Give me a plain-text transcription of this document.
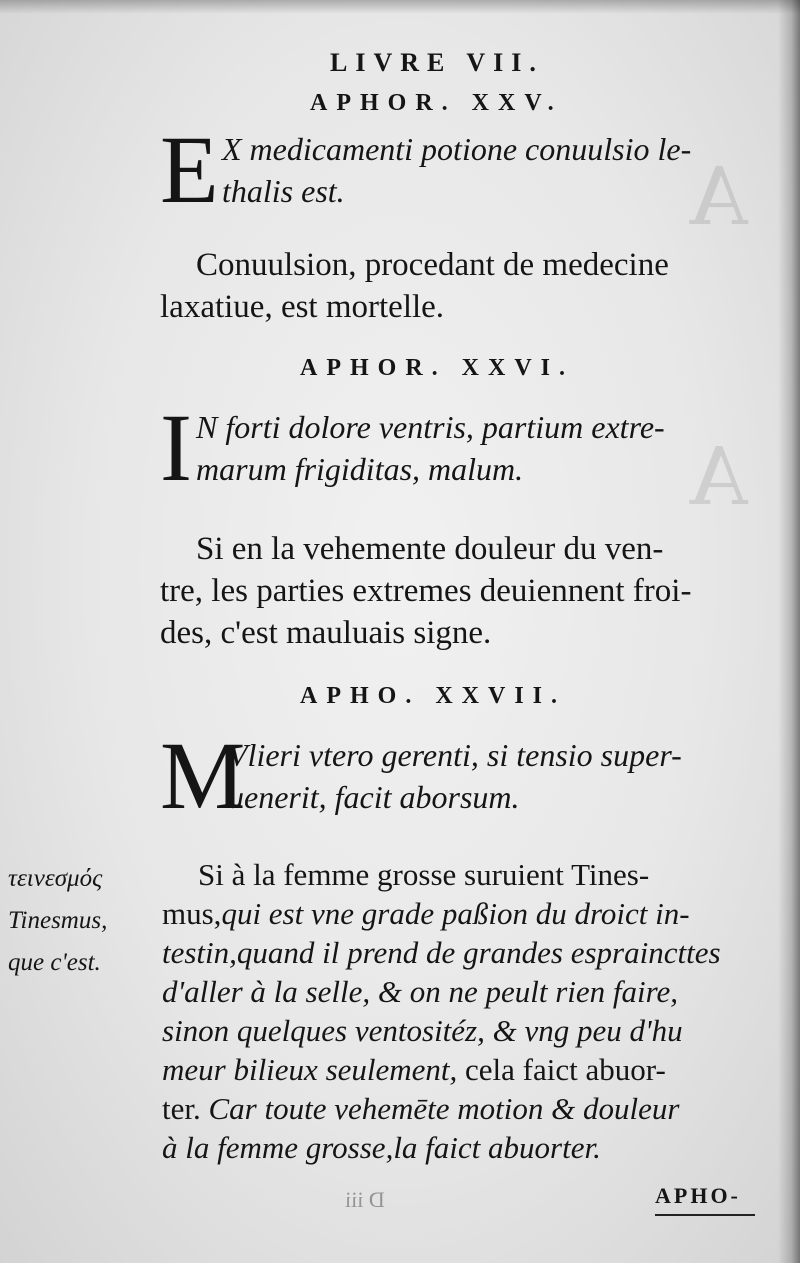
A
A
LIVRE VII.
APHOR. XXV.
E X medicamenti potione conuulsio le-
thalis est.
Conuulsion, procedant de medecine
laxatiue, est mortelle.
APHOR. XXVI.
I N forti dolore ventris, partium extre-
marum frigiditas, malum.
Si en la vehemente douleur du ven-
tre, les parties extremes deuiennent froi-
des, c'est mauluais signe.
APHO. XXVII.
M
Vlieri vtero gerenti, si tensio super-
uenerit, facit aborsum.
τεινεσμός
Tinesmus,
que c'est.
Si à la femme grosse suruient Tines-
mus,qui est vne grade paßion du droict in-
testin,quand il prend de grandes espraincttes
d'aller à la selle, & on ne peult rien faire,
sinon quelques ventositéz, & vng peu d'hu
meur bilieux seulement, cela faict abuor-
ter. Car toute vehemēte motion & douleur
à la femme grosse,la faict abuorter.
D iii	APHO-
